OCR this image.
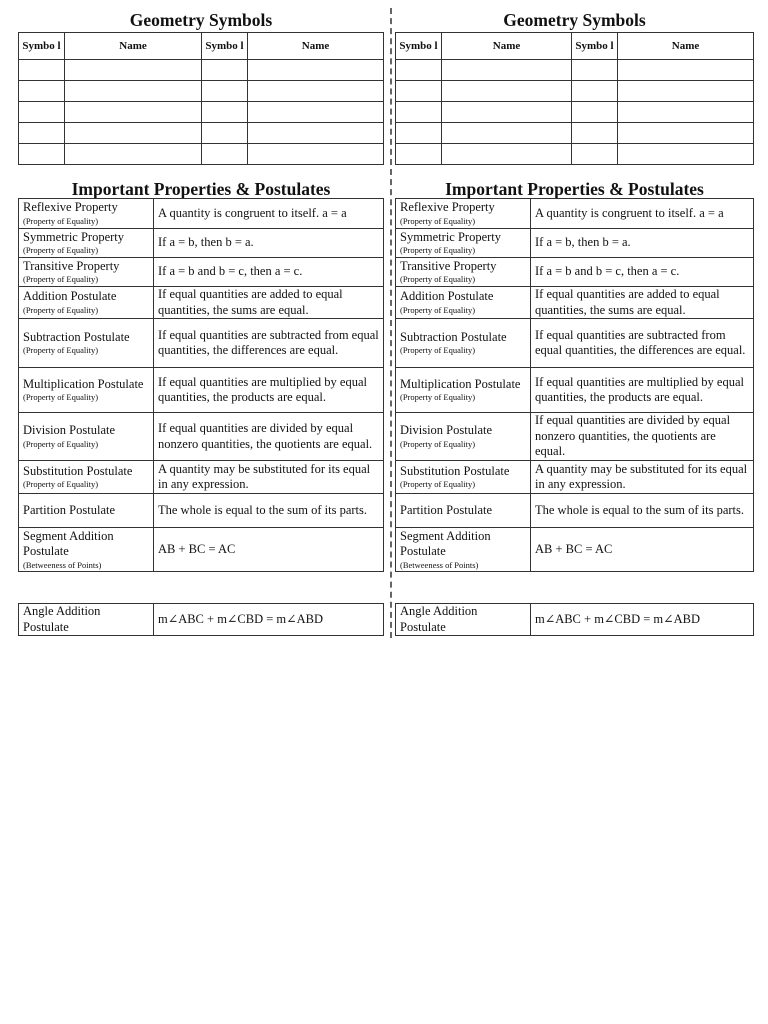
Geometry Symbols
Symbo l	Name	Symbo l	Name

Important Properties & Postulates
Reflexive Property
(Property of Equality)	A quantity is congruent to itself. a = a

Symmetric Property
(Property of Equality)	If a = b, then b = a.

Transitive Property
(Property of Equality)	If a = b and b = c, then a = c.

Addition Postulate
(Property of Equality)	If equal quantities are added to equal quantities, the sums are equal.

Subtraction Postulate
(Property of Equality)	If equal quantities are subtracted from equal quantities, the differences are equal.

Multiplication Postulate
(Property of Equality)	If equal quantities are multiplied by equal quantities, the products are equal.

Division Postulate
(Property of Equality)	If equal quantities are divided by equal nonzero quantities, the quotients are equal.

Substitution Postulate
(Property of Equality)	A quantity may be substituted for its equal in any expression.

Partition Postulate	The whole is equal to the sum of its parts.

Segment Addition Postulate
(Betweeness of Points)	AB + BC = AC
Angle Addition Postulate	m∠ABC + m∠CBD = m∠ABD
Geometry Symbols
Symbo l	Name	Symbo l	Name

Important Properties & Postulates
Reflexive Property
(Property of Equality)	A quantity is congruent to itself. a = a

Symmetric Property
(Property of Equality)	If a = b, then b = a.

Transitive Property
(Property of Equality)	If a = b and b = c, then a = c.

Addition Postulate
(Property of Equality)	If equal quantities are added to equal quantities, the sums are equal.

Subtraction Postulate
(Property of Equality)	If equal quantities are subtracted from equal quantities, the differences are equal.

Multiplication Postulate
(Property of Equality)	If equal quantities are multiplied by equal quantities, the products are equal.

Division Postulate
(Property of Equality)	If equal quantities are divided by equal nonzero quantities, the quotients are equal.

Substitution Postulate
(Property of Equality)	A quantity may be substituted for its equal in any expression.

Partition Postulate	The whole is equal to the sum of its parts.

Segment Addition Postulate
(Betweeness of Points)	AB + BC = AC
Angle Addition Postulate	m∠ABC + m∠CBD = m∠ABD
